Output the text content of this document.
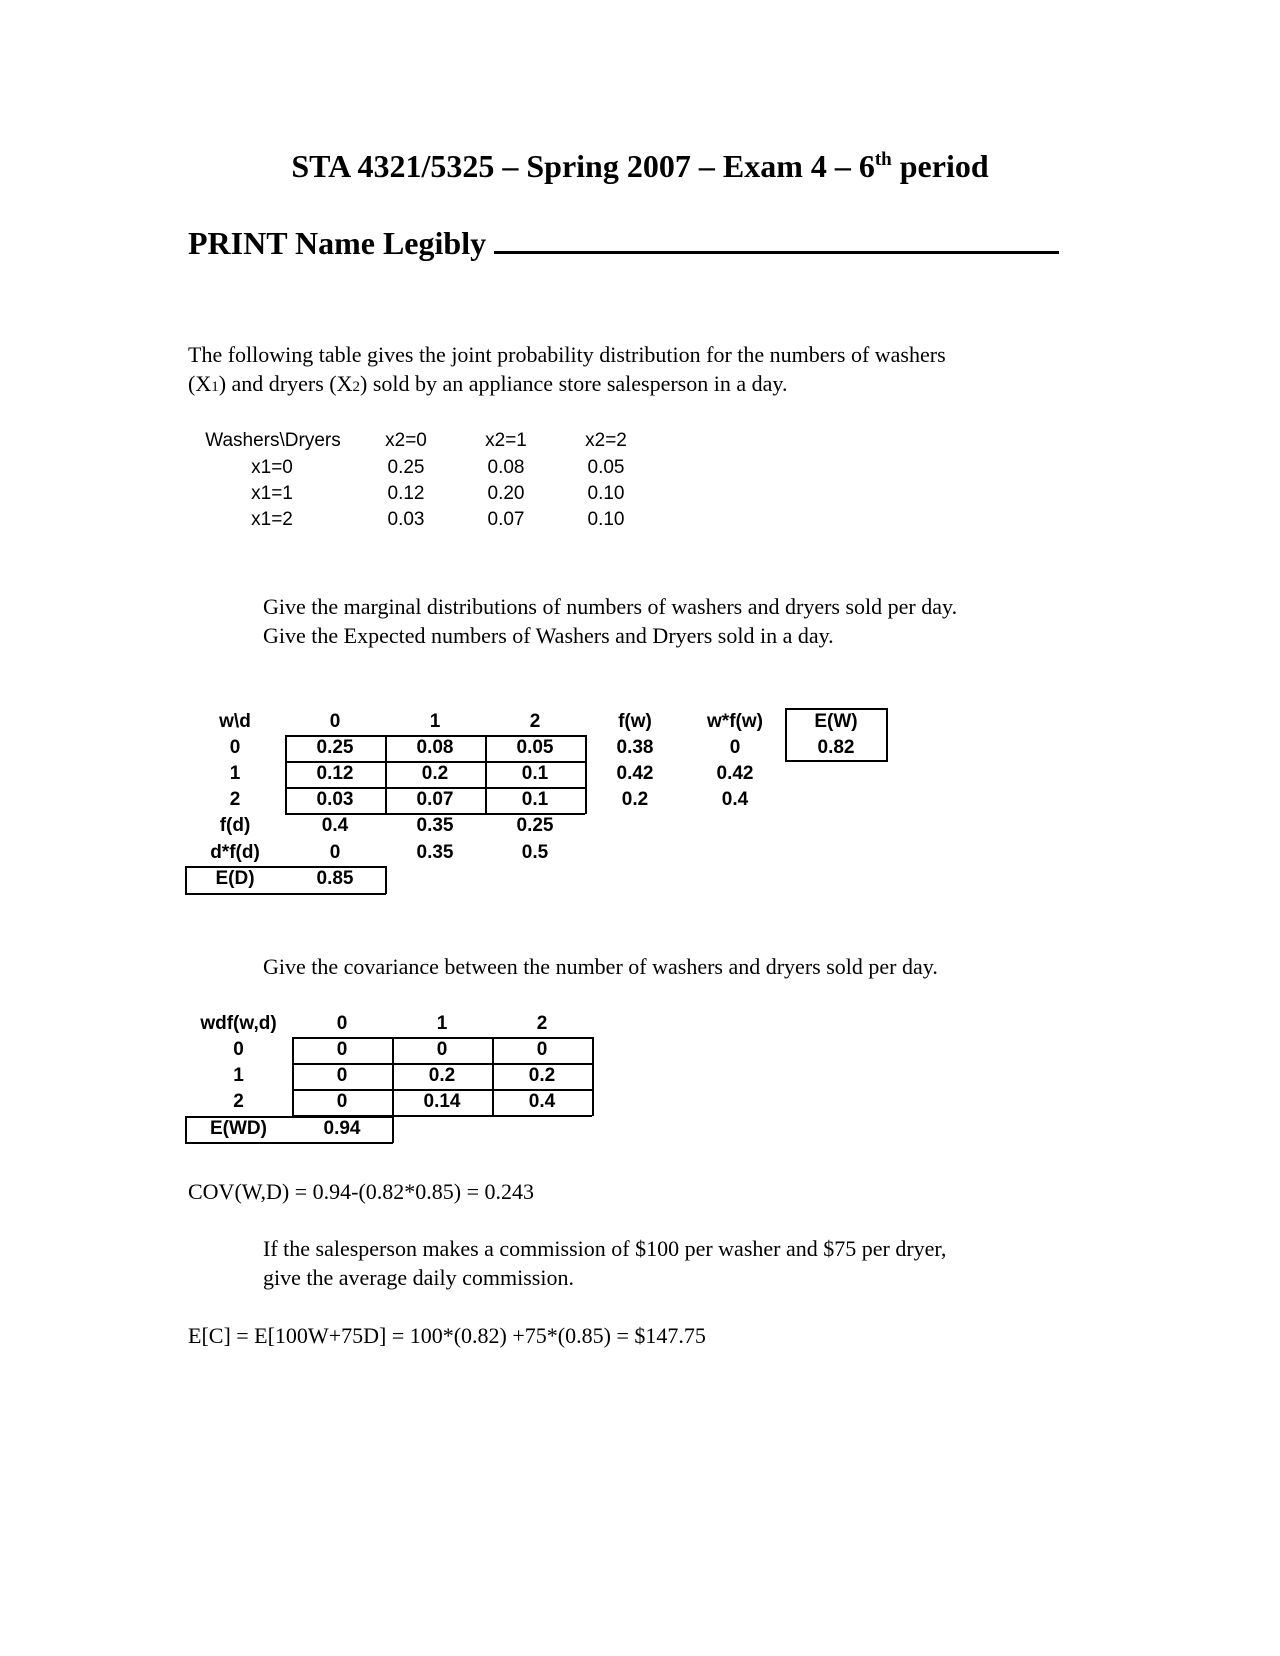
STA 4321/5325 – Spring 2007 – Exam 4 – 6th period
PRINT Name Legibly
The following table gives the joint probability distribution for the numbers of washers
(X1) and dryers (X2) sold by an appliance store salesperson in a day.
Washers\Dryers	x2=0	x2=1	x2=2
x1=0	0.25	0.08	0.05
x1=1	0.12	0.20	0.10
x1=2	0.03	0.07	0.10
Give the marginal distributions of numbers of washers and dryers sold per day.
Give the Expected numbers of Washers and Dryers sold in a day.
w\d	0	1	2	f(w)	w*f(w)	E(W)
0	0.25	0.08	0.05	0.38	0	0.82
1	0.12	0.2	0.1	0.42	0.42
2	0.03	0.07	0.1	0.2	0.4
f(d)	0.4	0.35	0.25
d*f(d)	0	0.35	0.5
E(D)	0.85
Give the covariance between the number of washers and dryers sold per day.
wdf(w,d)	0	1	2
0	0	0	0
1	0	0.2	0.2
2	0	0.14	0.4
E(WD)	0.94
COV(W,D) = 0.94-(0.82*0.85) = 0.243
If the salesperson makes a commission of $100 per washer and $75 per dryer,
give the average daily commission.
E[C] = E[100W+75D] = 100*(0.82) +75*(0.85) = $147.75
